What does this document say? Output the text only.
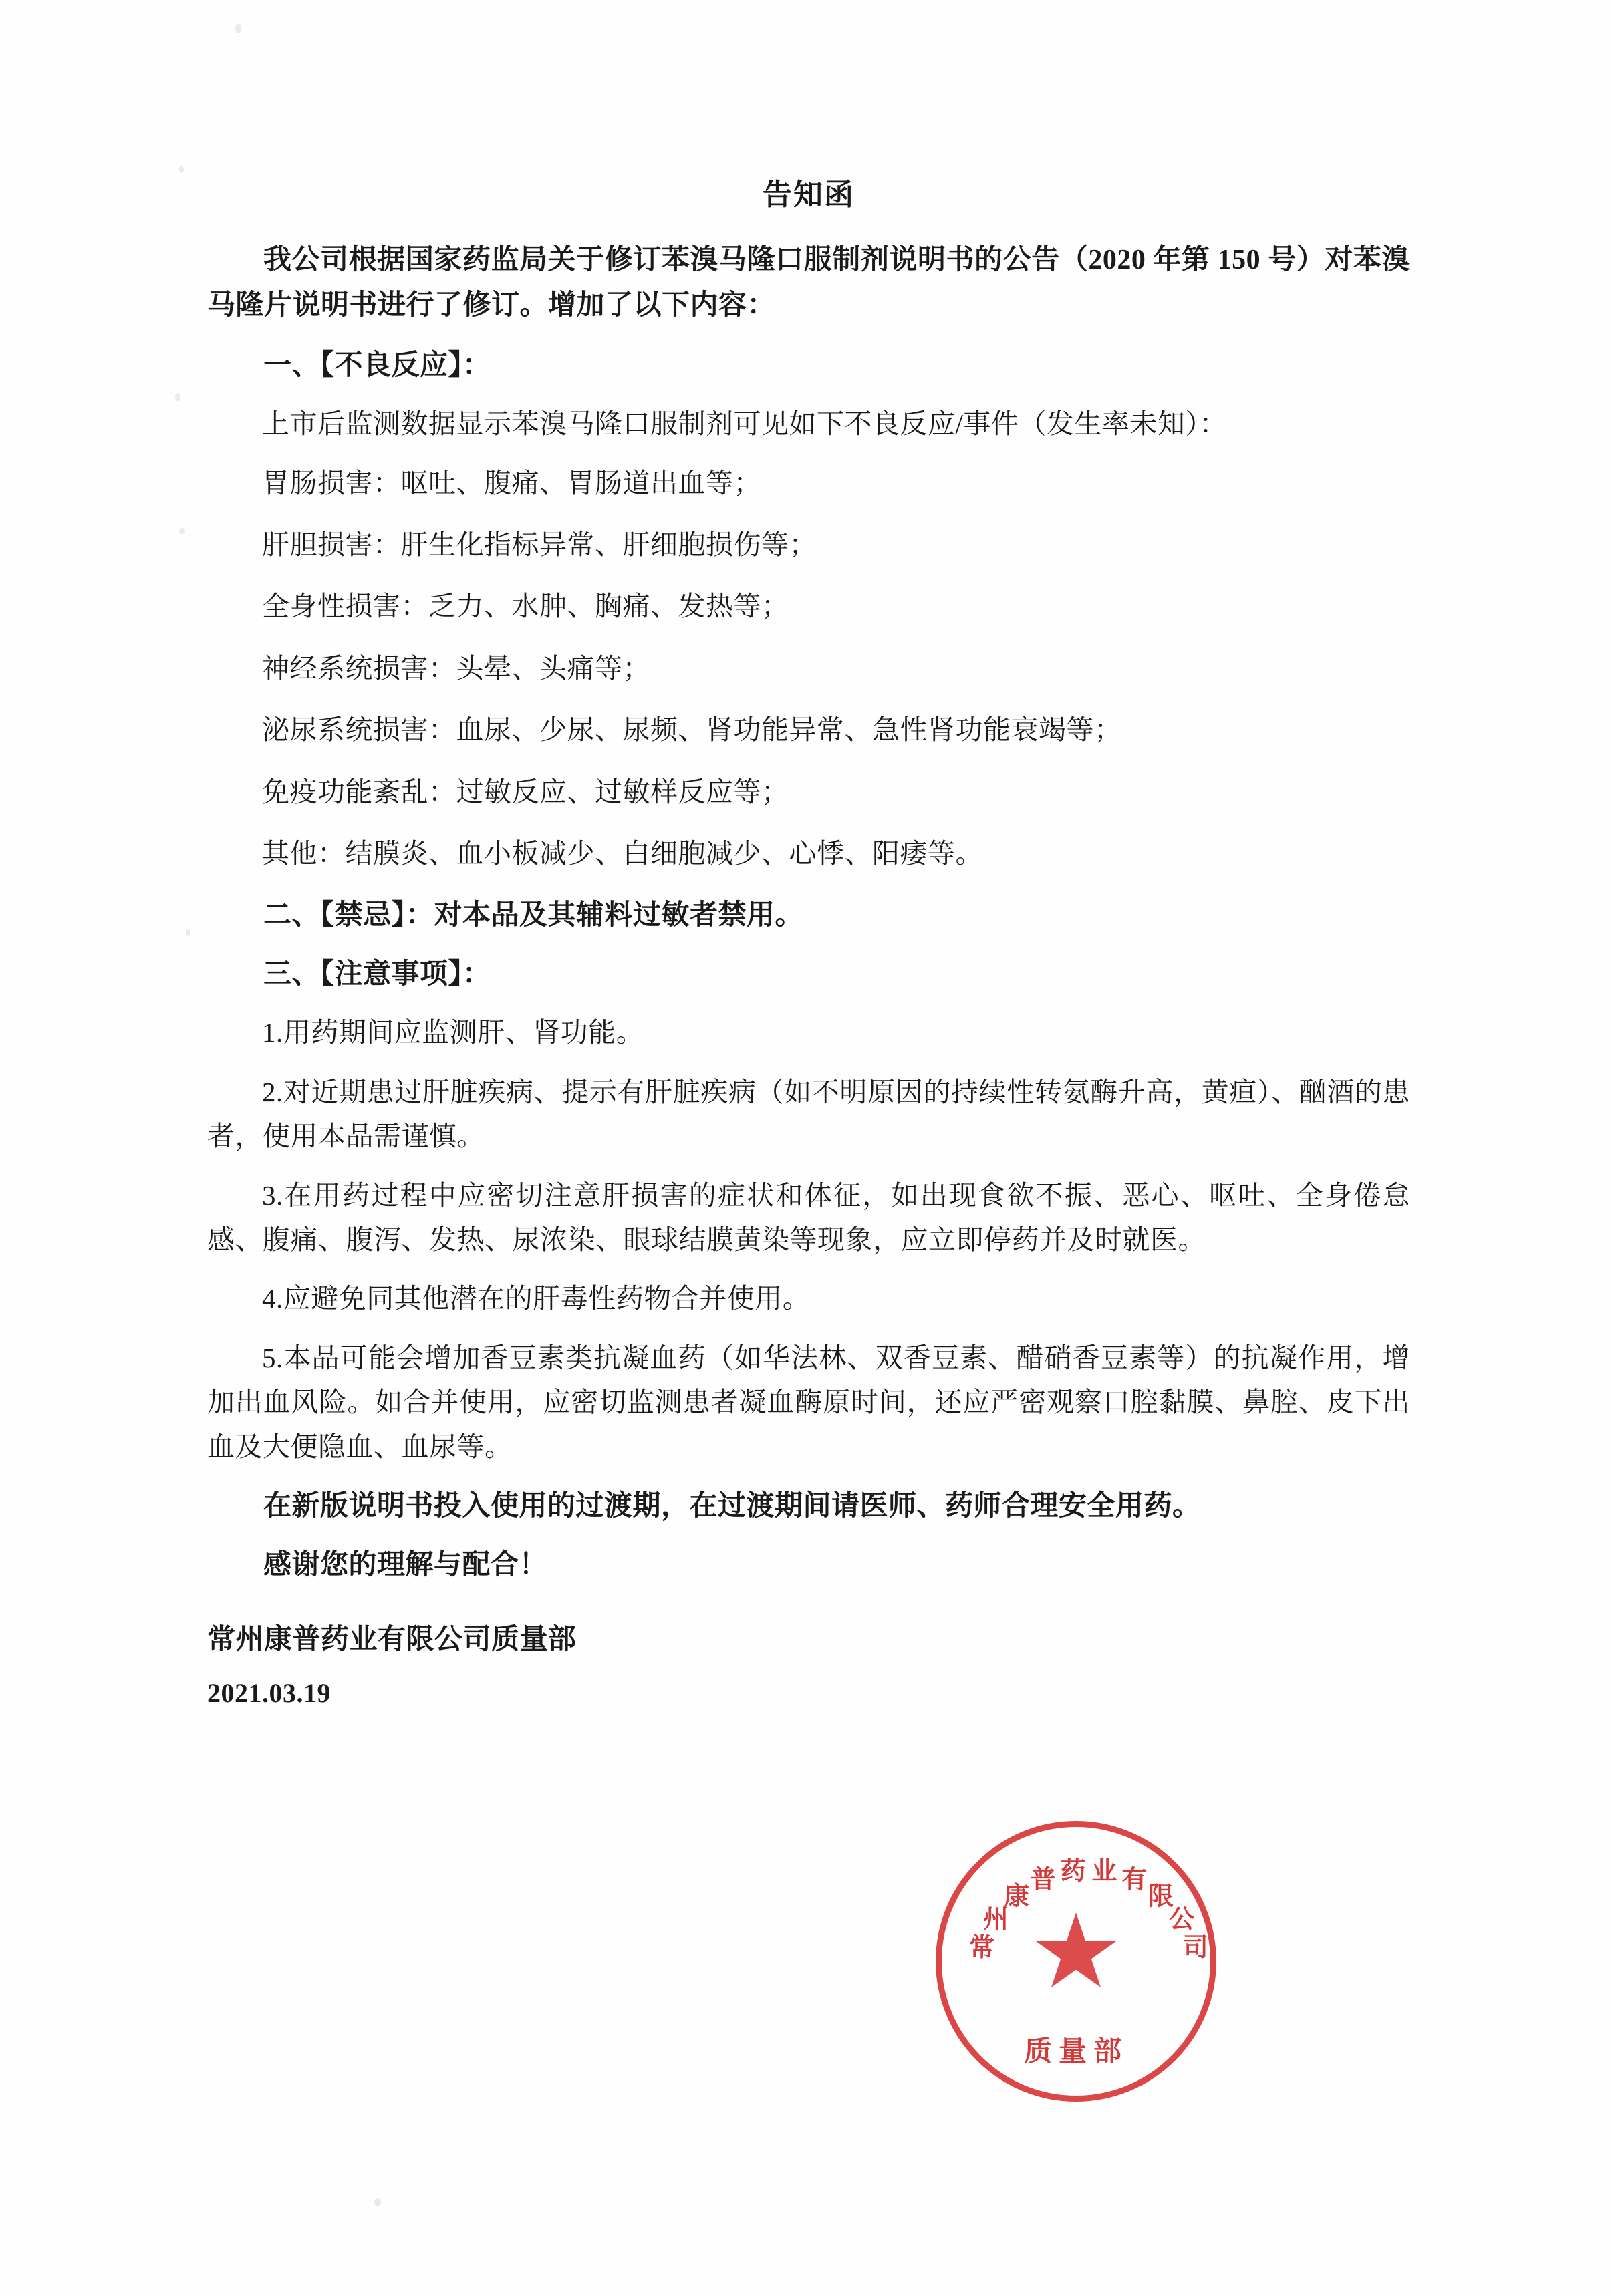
告知函

我公司根据国家药监局关于修订苯溴马隆口服制剂说明书的公告（2020 年第 150 号）对苯溴马隆片说明书进行了修订。增加了以下内容：

一、【不良反应】：

上市后监测数据显示苯溴马隆口服制剂可见如下不良反应/事件（发生率未知）：

胃肠损害：呕吐、腹痛、胃肠道出血等；

肝胆损害：肝生化指标异常、肝细胞损伤等；

全身性损害：乏力、水肿、胸痛、发热等；

神经系统损害：头晕、头痛等；

泌尿系统损害：血尿、少尿、尿频、肾功能异常、急性肾功能衰竭等；

免疫功能紊乱：过敏反应、过敏样反应等；

其他：结膜炎、血小板减少、白细胞减少、心悸、阳痿等。

二、【禁忌】：对本品及其辅料过敏者禁用。

三、【注意事项】：

1.用药期间应监测肝、肾功能。

2.对近期患过肝脏疾病、提示有肝脏疾病（如不明原因的持续性转氨酶升高，黄疸）、酗酒的患者，使用本品需谨慎。

3.在用药过程中应密切注意肝损害的症状和体征，如出现食欲不振、恶心、呕吐、全身倦怠感、腹痛、腹泻、发热、尿浓染、眼球结膜黄染等现象，应立即停药并及时就医。

4.应避免同其他潜在的肝毒性药物合并使用。

5.本品可能会增加香豆素类抗凝血药（如华法林、双香豆素、醋硝香豆素等）的抗凝作用，增加出血风险。如合并使用，应密切监测患者凝血酶原时间，还应严密观察口腔黏膜、鼻腔、皮下出血及大便隐血、血尿等。

在新版说明书投入使用的过渡期，在过渡期间请医师、药师合理安全用药。

感谢您的理解与配合！

常州康普药业有限公司质量部

2021.03.19

常
州
康
普 药 业 有
限
公
司
质量部
